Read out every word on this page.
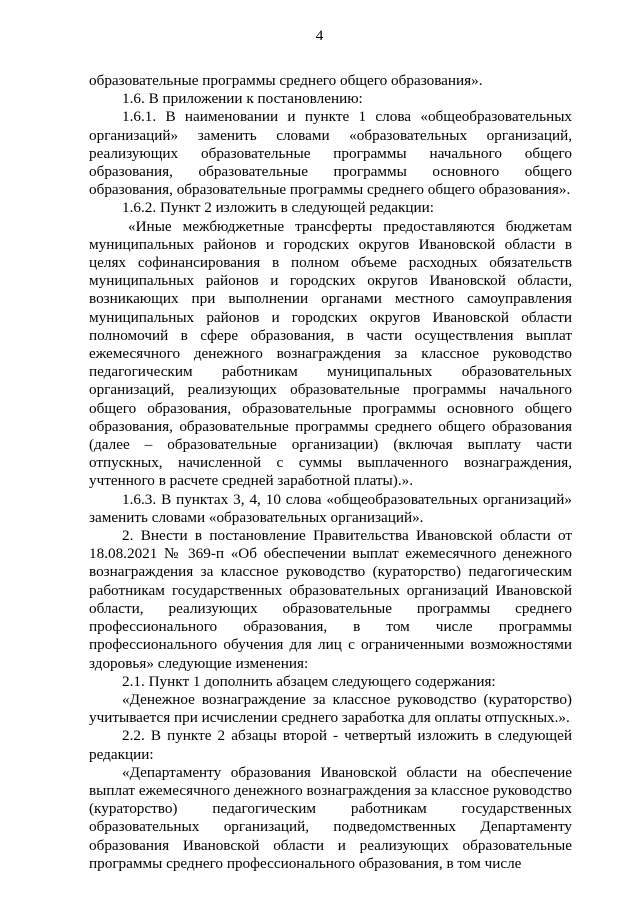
4

образовательные программы среднего общего образования».

1.6. В приложении к постановлению:

1.6.1. В наименовании и пункте 1 слова «общеобразовательных организаций» заменить словами «образовательных организаций, реализующих образовательные программы начального общего образования, образовательные программы основного общего образования, образовательные программы среднего общего образования».

1.6.2. Пункт 2 изложить в следующей редакции:

«Иные межбюджетные трансферты предоставляются бюджетам муниципальных районов и городских округов Ивановской области в целях софинансирования в полном объеме расходных обязательств муниципальных районов и городских округов Ивановской области, возникающих при выполнении органами местного самоуправления муниципальных районов и городских округов Ивановской области полномочий в сфере образования, в части осуществления выплат ежемесячного денежного вознаграждения за классное руководство педагогическим работникам муниципальных образовательных организаций, реализующих образовательные программы начального общего образования, образовательные программы основного общего образования, образовательные программы среднего общего образования (далее – образовательные организации) (включая выплату части отпускных, начисленной с суммы выплаченного вознаграждения, учтенного в расчете средней заработной платы).».

1.6.3. В пунктах 3, 4, 10 слова «общеобразовательных организаций» заменить словами «образовательных организаций».

2. Внести в постановление Правительства Ивановской области от 18.08.2021 № 369-п «Об обеспечении выплат ежемесячного денежного вознаграждения за классное руководство (кураторство) педагогическим работникам государственных образовательных организаций Ивановской области, реализующих образовательные программы среднего профессионального образования, в том числе программы профессионального обучения для лиц с ограниченными возможностями здоровья» следующие изменения:

2.1. Пункт 1 дополнить абзацем следующего содержания:

«Денежное вознаграждение за классное руководство (кураторство) учитывается при исчислении среднего заработка для оплаты отпускных.».

2.2. В пункте 2 абзацы второй - четвертый изложить в следующей редакции:

«Департаменту образования Ивановской области на обеспечение выплат ежемесячного денежного вознаграждения за классное руководство (кураторство) педагогическим работникам государственных образовательных организаций, подведомственных Департаменту образования Ивановской области и реализующих образовательные программы среднего профессионального образования, в том числе
